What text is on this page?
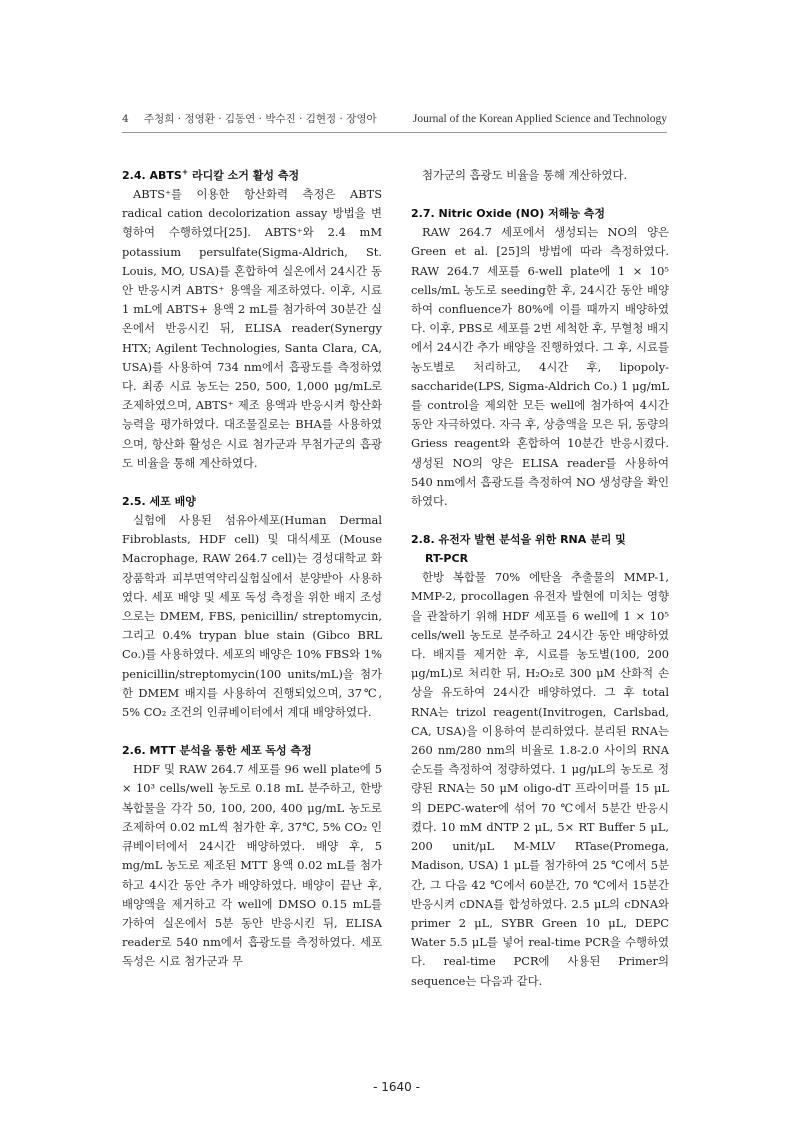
4 주청희 · 정영환 · 김동연 · 박수진 · 김현정 · 장영아	Journal of the Korean Applied Science and Technology
2.4. ABTS+ 라디칼 소거 활성 측정

ABTS⁺를 이용한 항산화력 측정은 ABTS radical cation decolorization assay 방법을 변형하여 수행하였다[25]. ABTS⁺와 2.4 mM potassium persulfate(Sigma-Aldrich, St. Louis, MO, USA)를 혼합하여 실온에서 24시간 동안 반응시켜 ABTS⁺ 용액을 제조하였다. 이후, 시료 1 mL에 ABTS+ 용액 2 mL를 첨가하여 30분간 실온에서 반응시킨 뒤, ELISA reader(Synergy HTX; Agilent Technologies, Santa Clara, CA, USA)를 사용하여 734 nm에서 흡광도를 측정하였다. 최종 시료 농도는 250, 500, 1,000 μg/mL로 조제하였으며, ABTS⁺ 제조 용액과 반응시켜 항산화 능력을 평가하였다. 대조물질로는 BHA를 사용하였으며, 항산화 활성은 시료 첨가군과 무첨가군의 흡광도 비율을 통해 계산하였다.

2.5. 세포 배양

실험에 사용된 섬유아세포(Human Dermal Fibroblasts, HDF cell) 및 대식세포 (Mouse Macrophage, RAW 264.7 cell)는 경성대학교 화장품학과 피부면역약리실험실에서 분양받아 사용하였다. 세포 배양 및 세포 독성 측정을 위한 배지 조성으로는 DMEM, FBS, penicillin/ streptomycin, 그리고 0.4% trypan blue stain (Gibco BRL Co.)를 사용하였다. 세포의 배양은 10% FBS와 1% penicillin/streptomycin(100 units/mL)을 첨가한 DMEM 배지를 사용하여 진행되었으며, 37℃, 5% CO₂ 조건의 인큐베이터에서 계대 배양하였다.

2.6. MTT 분석을 통한 세포 독성 측정

HDF 및 RAW 264.7 세포를 96 well plate에 5 × 10³ cells/well 농도로 0.18 mL 분주하고, 한방 복합물을 각각 50, 100, 200, 400 μg/mL 농도로 조제하여 0.02 mL씩 첨가한 후, 37℃, 5% CO₂ 인큐베이터에서 24시간 배양하였다. 배양 후, 5 mg/mL 농도로 제조된 MTT 용액 0.02 mL를 첨가하고 4시간 동안 추가 배양하였다. 배양이 끝난 후, 배양액을 제거하고 각 well에 DMSO 0.15 mL를 가하여 실온에서 5분 동안 반응시킨 뒤, ELISA reader로 540 nm에서 흡광도를 측정하였다. 세포 독성은 시료 첨가군과 무

첨가군의 흡광도 비율을 통해 계산하였다.

2.7. Nitric Oxide (NO) 저해능 측정

RAW 264.7 세포에서 생성되는 NO의 양은 Green et al. [25]의 방법에 따라 측정하였다. RAW 264.7 세포를 6-well plate에 1 × 10⁵ cells/mL 농도로 seeding한 후, 24시간 동안 배양하여 confluence가 80%에 이를 때까지 배양하였다. 이후, PBS로 세포를 2번 세척한 후, 무혈청 배지에서 24시간 추가 배양을 진행하였다. 그 후, 시료를 농도별로 처리하고, 4시간 후, lipopoly-saccharide(LPS, Sigma-Aldrich Co.) 1 μg/mL를 control을 제외한 모든 well에 첨가하여 4시간 동안 자극하였다. 자극 후, 상층액을 모은 뒤, 동량의 Griess reagent와 혼합하여 10분간 반응시켰다. 생성된 NO의 양은 ELISA reader를 사용하여 540 nm에서 흡광도를 측정하여 NO 생성량을 확인하였다.

2.8. 유전자 발현 분석을 위한 RNA 분리 및
RT-PCR

한방 복합물 70% 에탄올 추출물의 MMP-1, MMP-2, procollagen 유전자 발현에 미치는 영향을 관찰하기 위해 HDF 세포를 6 well에 1 × 10⁵ cells/well 농도로 분주하고 24시간 동안 배양하였다. 배지를 제거한 후, 시료를 농도별(100, 200 μg/mL)로 처리한 뒤, H₂O₂로 300 μM 산화적 손상을 유도하여 24시간 배양하였다. 그 후 total RNA는 trizol reagent(Invitrogen, Carlsbad, CA, USA)을 이용하여 분리하였다. 분리된 RNA는 260 nm/280 nm의 비율로 1.8-2.0 사이의 RNA 순도를 측정하여 정량하였다. 1 μg/μL의 농도로 정량된 RNA는 50 μM oligo-dT 프라이머를 15 μL의 DEPC-water에 섞어 70 ℃에서 5분간 반응시켰다. 10 mM dNTP 2 μL, 5× RT Buffer 5 μL, 200 unit/μL M-MLV RTase(Promega, Madison, USA) 1 μL를 첨가하여 25 ℃에서 5분간, 그 다음 42 ℃에서 60분간, 70 ℃에서 15분간 반응시켜 cDNA를 합성하였다. 2.5 μL의 cDNA와 primer 2 μL, SYBR Green 10 μL, DEPC Water 5.5 μL를 넣어 real-time PCR을 수행하였다. real-time PCR에 사용된 Primer의 sequence는 다음과 같다.

- 1640 -
